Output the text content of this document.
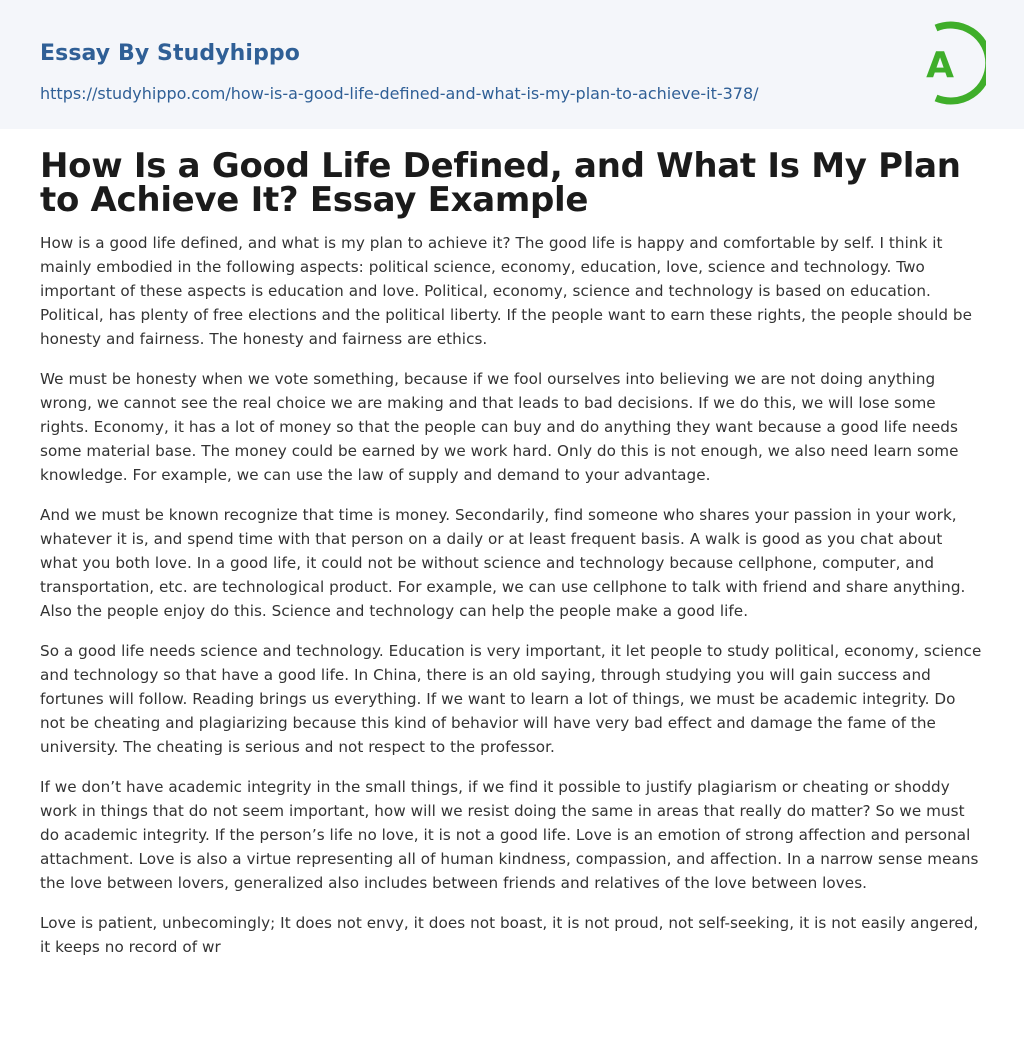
Essay By Studyhippo
https://studyhippo.com/how-is-a-good-life-defined-and-what-is-my-plan-to-achieve-it-378/
A
How Is a Good Life Defined, and What Is My Plan to Achieve It? Essay Example

How is a good life defined, and what is my plan to achieve it? The good life is happy and comfortable by self. I think it mainly embodied in the following aspects: political science, economy, education, love, science and technology. Two important of these aspects is education and love. Political, economy, science and technology is based on education. Political, has plenty of free elections and the political liberty. If the people want to earn these rights, the people should be honesty and fairness. The honesty and fairness are ethics.

We must be honesty when we vote something, because if we fool ourselves into believing we are not doing anything wrong, we cannot see the real choice we are making and that leads to bad decisions. If we do this, we will lose some rights. Economy, it has a lot of money so that the people can buy and do anything they want because a good life needs some material base. The money could be earned by we work hard. Only do this is not enough, we also need learn some knowledge. For example, we can use the law of supply and demand to your advantage.

And we must be known recognize that time is money. Secondarily, find someone who shares your passion in your work, whatever it is, and spend time with that person on a daily or at least frequent basis. A walk is good as you chat about what you both love. In a good life, it could not be without science and technology because cellphone, computer, and transportation, etc. are technological product. For example, we can use cellphone to talk with friend and share anything. Also the people enjoy do this. Science and technology can help the people make a good life.

So a good life needs science and technology. Education is very important, it let people to study political, economy, science and technology so that have a good life. In China, there is an old saying, through studying you will gain success and fortunes will follow. Reading brings us everything. If we want to learn a lot of things, we must be academic integrity. Do not be cheating and plagiarizing because this kind of behavior will have very bad effect and damage the fame of the university. The cheating is serious and not respect to the professor.

If we don’t have academic integrity in the small things, if we find it possible to justify plagiarism or cheating or shoddy work in things that do not seem important, how will we resist doing the same in areas that really do matter? So we must do academic integrity. If the person’s life no love, it is not a good life. Love is an emotion of strong affection and personal attachment. Love is also a virtue representing all of human kindness, compassion, and affection. In a narrow sense means the love between lovers, generalized also includes between friends and relatives of the love between loves.

Love is patient, unbecomingly; It does not envy, it does not boast, it is not proud, not self-seeking, it is not easily angered, it keeps no record of wr
